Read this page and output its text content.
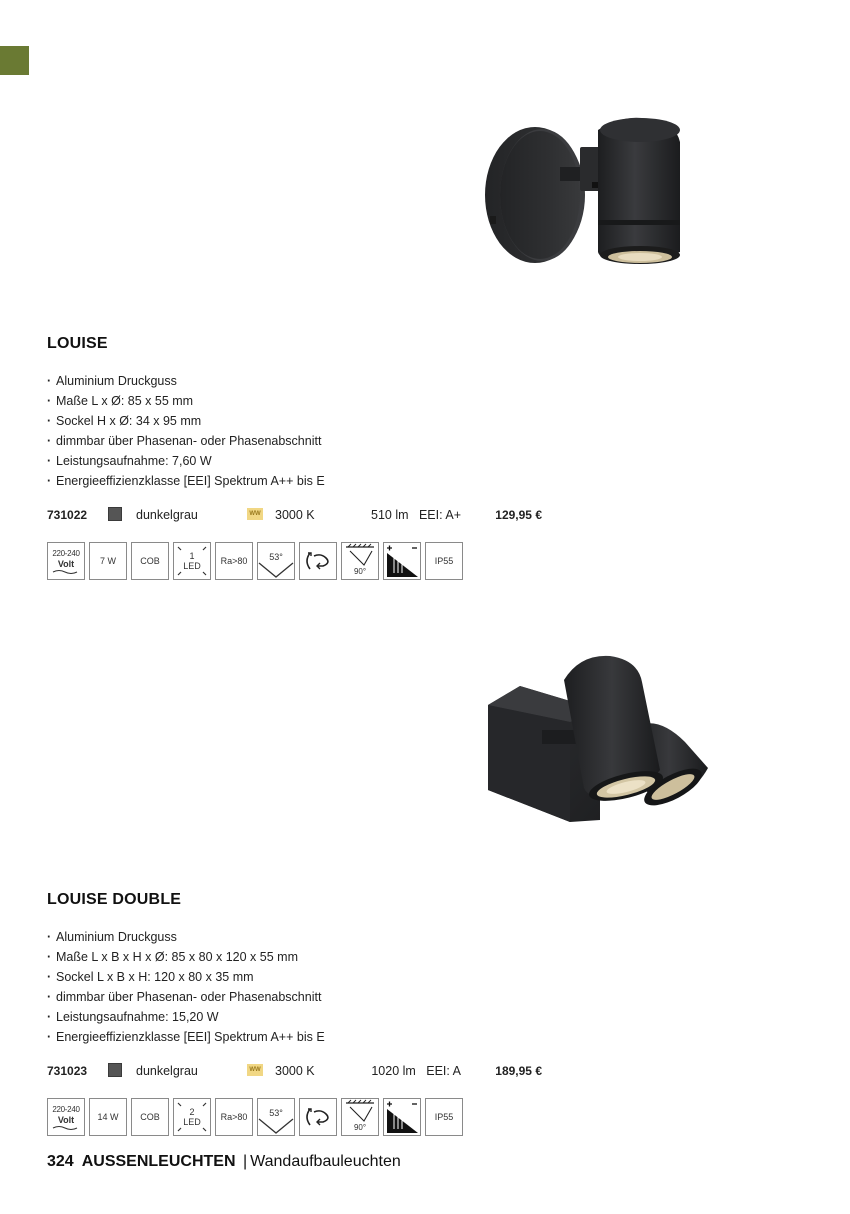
LOUISE
· Aluminium Druckguss
· Maße L x Ø: 85 x 55 mm
· Sockel H x Ø: 34 x 95 mm
· dimmbar über Phasenan- oder Phasenabschnitt
· Leistungsaufnahme: 7,60 W
· Energieeffizienzklasse [EEI] Spektrum A++ bis E
731022	dunkelgrau	WW 3000 K	510 lm   EEI: A+	129,95 €
220-240
Volt	7 W	COB	1
LED Ra>80 53°
90°
IP55
LOUISE DOUBLE
· Aluminium Druckguss
· Maße L x B x H x Ø: 85 x 80 x 120 x 55 mm
· Sockel L x B x H: 120 x 80 x 35 mm
· dimmbar über Phasenan- oder Phasenabschnitt
· Leistungsaufnahme: 15,20 W
· Energieeffizienzklasse [EEI] Spektrum A++ bis E
731023	dunkelgrau	WW 3000 K	1020 lm   EEI: A	189,95 €
220-240
Volt	14 W COB	2
LED Ra>80 53°
90°
IP55
324 AUSSENLEUCHTEN | Wandaufbauleuchten
